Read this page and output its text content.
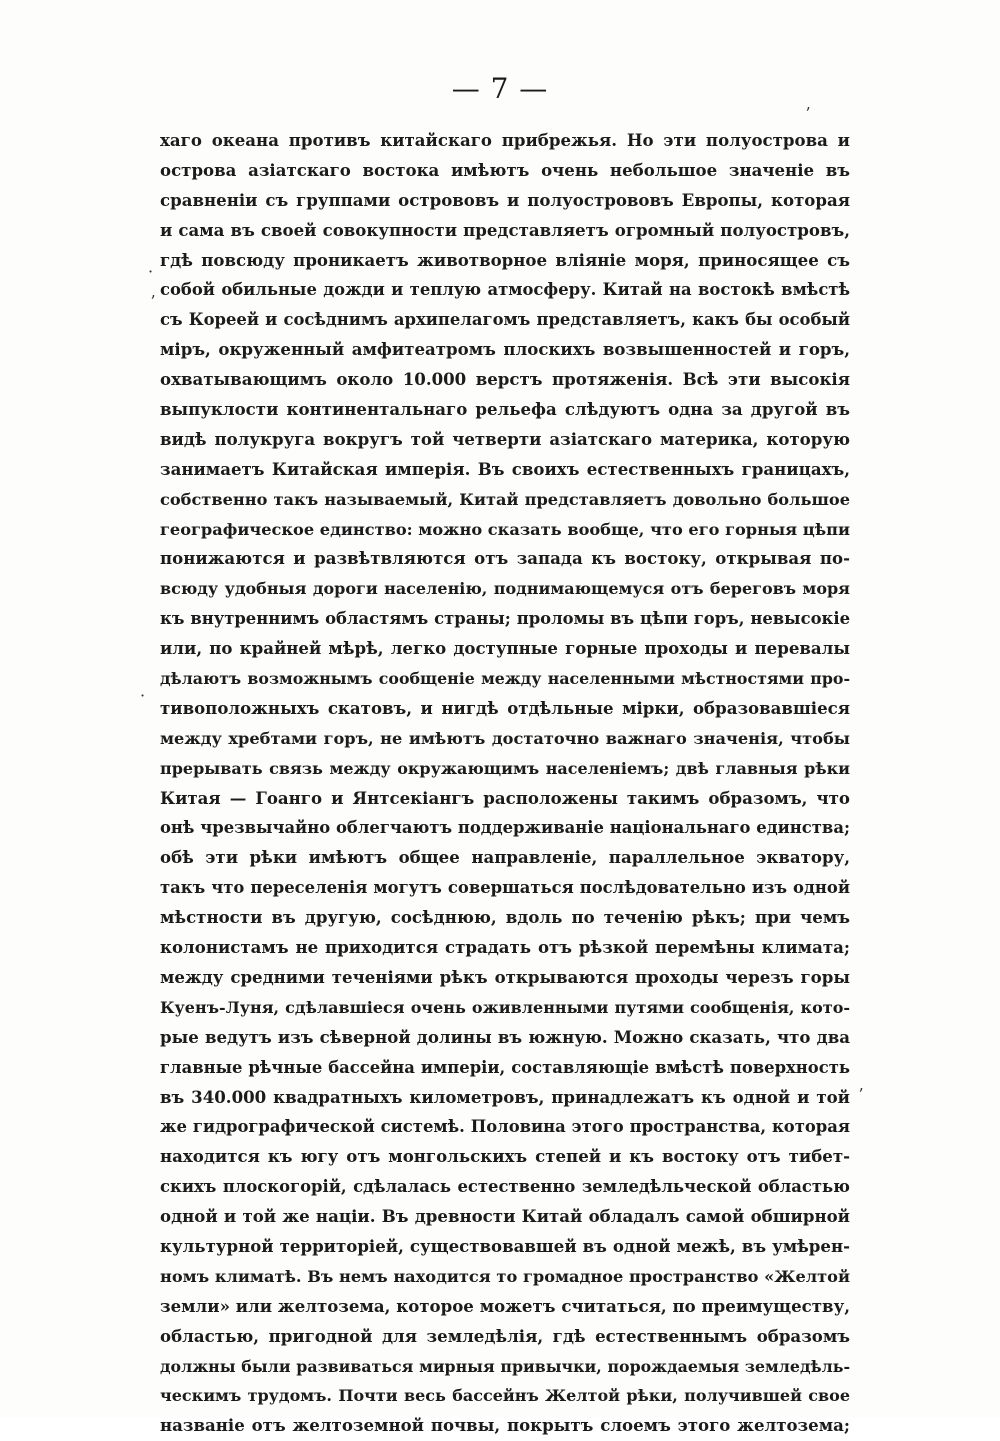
— 7 —
ʼ
·
ʼ
·
ʼ
хаго океана противъ китайскаго прибрежья. Но эти полуострова и
острова азіатскаго востока имѣютъ очень небольшое значеніе въ
сравненіи съ группами острововъ и полуострововъ Европы, которая
и сама въ своей совокупности представляетъ огромный полуостровъ,
гдѣ повсюду проникаетъ животворное вліяніе моря, приносящее съ
собой обильные дожди и теплую атмосферу. Китай на востокѣ вмѣстѣ
съ Кореей и сосѣднимъ архипелагомъ представляетъ, какъ бы особый
міръ, окруженный амфитеатромъ плоскихъ возвышенностей и горъ,
охватывающимъ около 10.000 верстъ протяженія. Всѣ эти высокія
выпуклости континентальнаго рельефа слѣдуютъ одна за другой въ
видѣ полукруга вокругъ той четверти азіатскаго материка, которую
занимаетъ Китайская имперія. Въ своихъ естественныхъ границахъ,
собственно такъ называемый, Китай представляетъ довольно большое
географическое единство: можно сказать вообще, что его горныя цѣпи
понижаются и развѣтвляются отъ запада къ востоку, открывая по-
всюду удобныя дороги населенію, поднимающемуся отъ береговъ моря
къ внутреннимъ областямъ страны; проломы въ цѣпи горъ, невысокіе
или, по крайней мѣрѣ, легко доступные горные проходы и перевалы
дѣлаютъ возможнымъ сообщеніе между населенными мѣстностями про-
тивоположныхъ скатовъ, и нигдѣ отдѣльные мірки, образовавшіеся
между хребтами горъ, не имѣютъ достаточно важнаго значенія, чтобы
прерывать связь между окружающимъ населеніемъ; двѣ главныя рѣки
Китая — Гоанго и Янтсекіангъ расположены такимъ образомъ, что
онѣ чрезвычайно облегчаютъ поддерживаніе національнаго единства;
обѣ эти рѣки имѣютъ общее направленіе, параллельное экватору,
такъ что переселенія могутъ совершаться послѣдовательно изъ одной
мѣстности въ другую, сосѣднюю, вдоль по теченію рѣкъ; при чемъ
колонистамъ не приходится страдать отъ рѣзкой перемѣны климата;
между средними теченіями рѣкъ открываются проходы черезъ горы
Куенъ-Луня, сдѣлавшіеся очень оживленными путями сообщенія, кото-
рые ведутъ изъ сѣверной долины въ южную. Можно сказать, что два
главные рѣчные бассейна имперіи, составляющіе вмѣстѣ поверхность
въ 340.000 квадратныхъ километровъ, принадлежатъ къ одной и той
же гидрографической системѣ. Половина этого пространства, которая
находится къ югу отъ монгольскихъ степей и къ востоку отъ тибет-
скихъ плоскогорій, сдѣлалась естественно земледѣльческой областью
одной и той же націи. Въ древности Китай обладалъ самой обширной
культурной территоріей, существовавшей въ одной межѣ, въ умѣрен-
номъ климатѣ. Въ немъ находится то громадное пространство «Желтой
земли» или желтозема, которое можетъ считаться, по преимуществу,
областью, пригодной для земледѣлія, гдѣ естественнымъ образомъ
должны были развиваться мирныя привычки, порождаемыя земледѣль-
ческимъ трудомъ. Почти весь бассейнъ Желтой рѣки, получившей свое
названіе отъ желтоземной почвы, покрытъ слоемъ этого желтозема;
